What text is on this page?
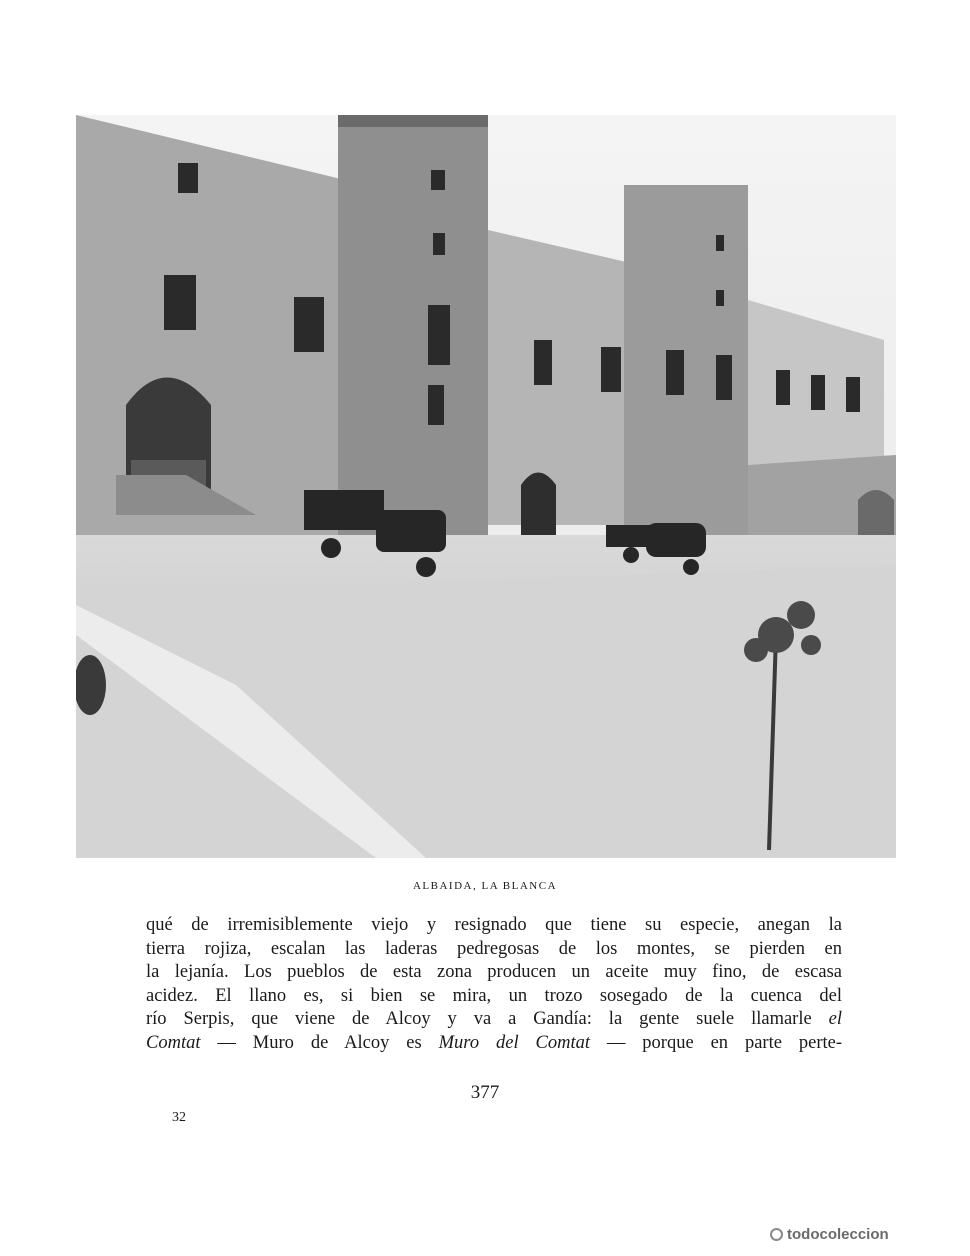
ALBAIDA, LA BLANCA
qué de irremisiblemente viejo y resignado que tiene su especie, anegan la
tierra rojiza, escalan las laderas pedregosas de los montes, se pierden en
la lejanía. Los pueblos de esta zona producen un aceite muy fino, de escasa
acidez. El llano es, si bien se mira, un trozo sosegado de la cuenca del
río Serpis, que viene de Alcoy y va a Gandía: la gente suele llamarle el
Comtat — Muro de Alcoy es Muro del Comtat — porque en parte perte-
377
32
todocoleccion
